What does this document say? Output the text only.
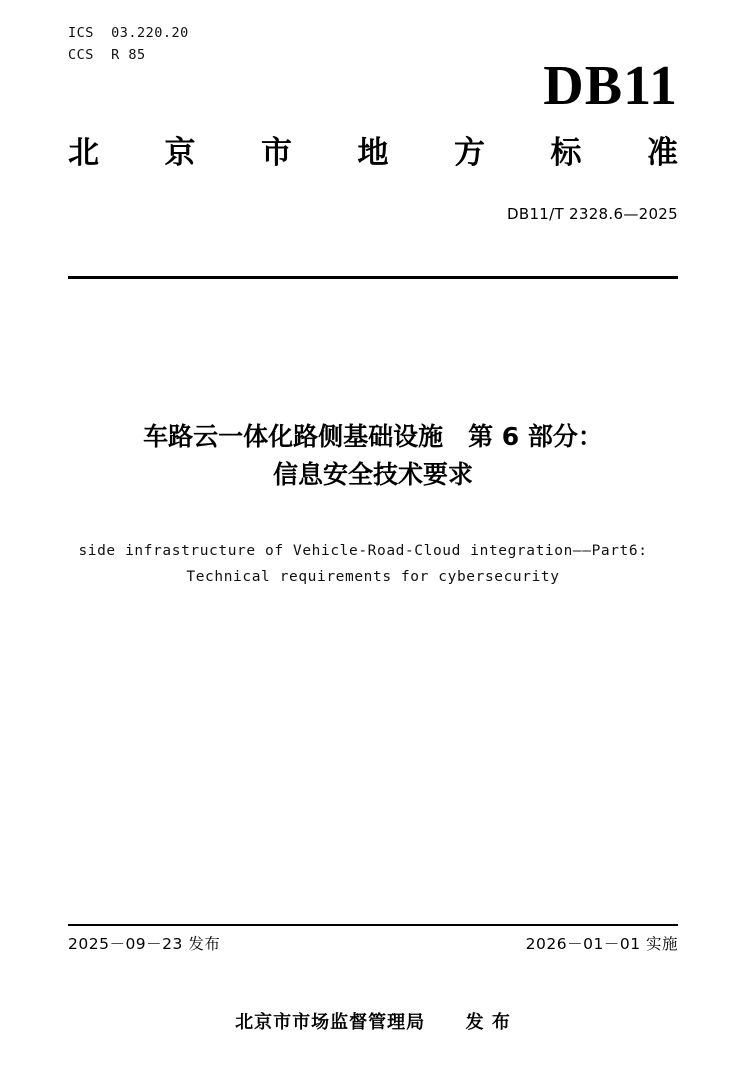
ICS  03.220.20
CCS  R 85	DB11
北 京 市 地 方 标 准
DB11/T 2328.6—2025
车路云一体化路侧基础设施　第 6 部分：
信息安全技术要求
side infrastructure of Vehicle-Road-Cloud integration——Part6:
Technical requirements for cybersecurity
2025－09－23 发布	2026－01－01 实施
北京市市场监督管理局 发 布
